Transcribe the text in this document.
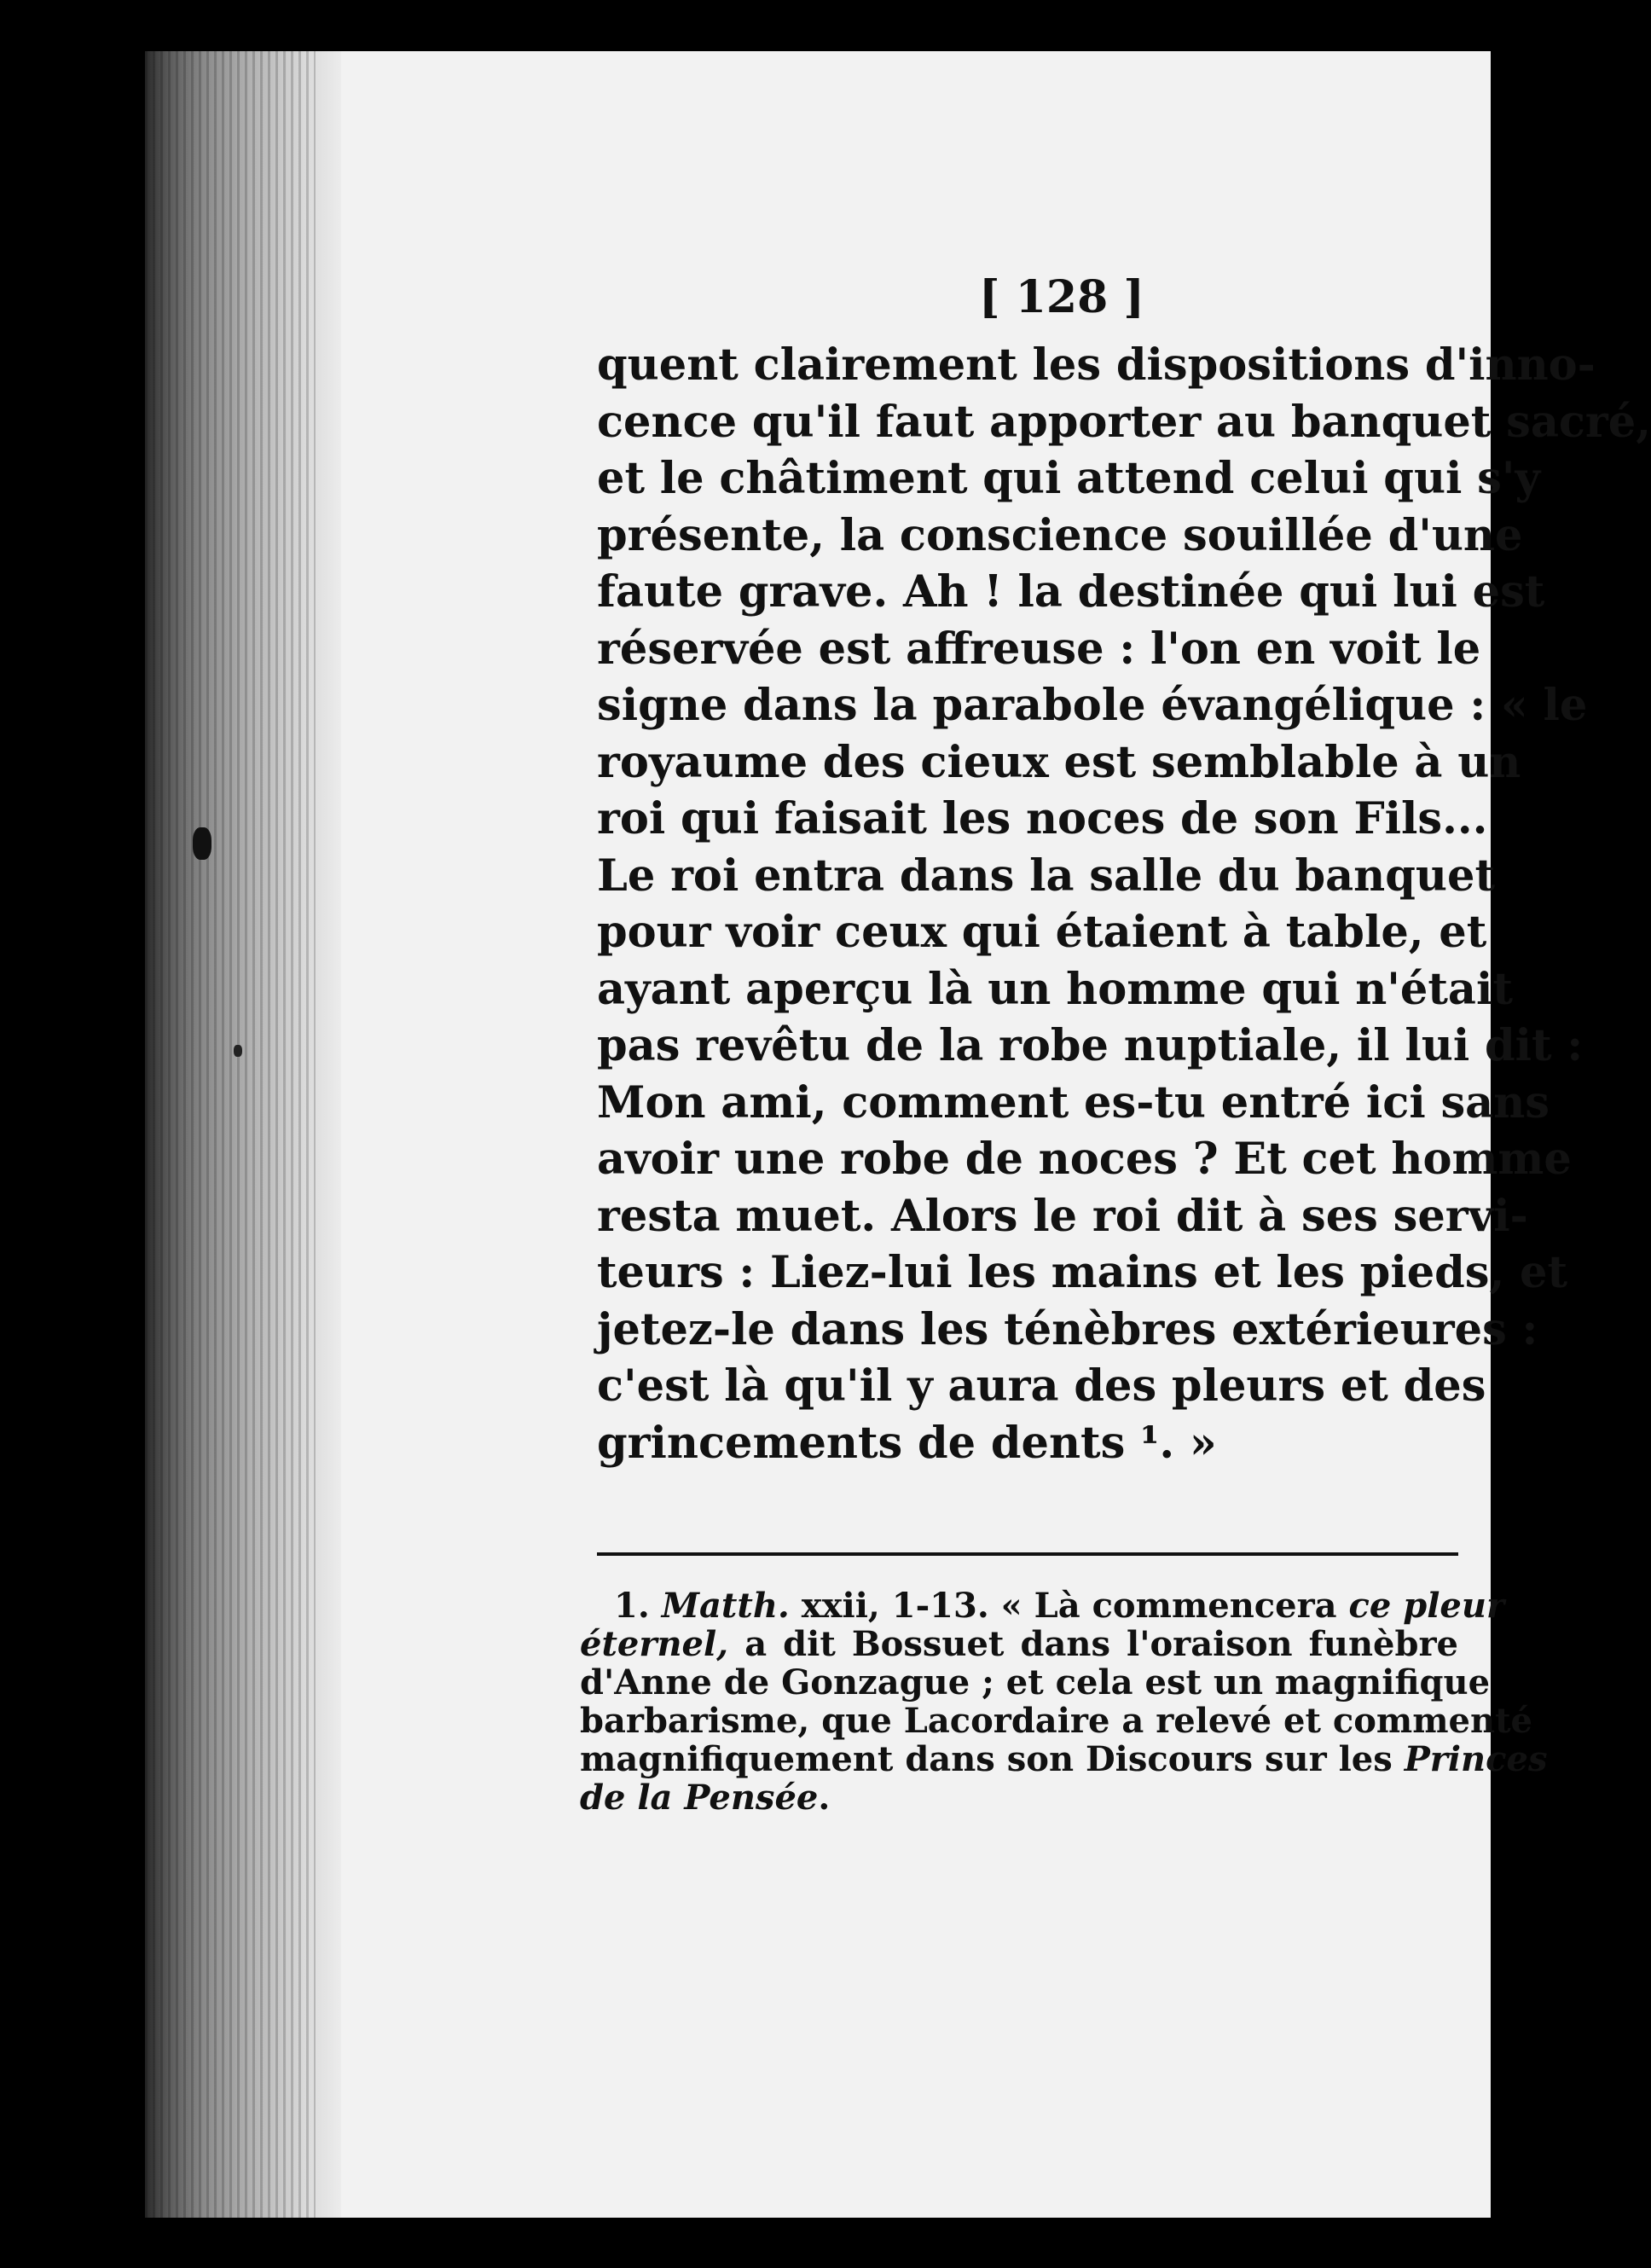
[ 128 ]
quent clairement les dispositions d'inno-
cence qu'il faut apporter au banquet sacré,
et le châtiment qui attend celui qui s'y
présente, la conscience souillée d'une
faute grave. Ah ! la destinée qui lui est
réservée est affreuse : l'on en voit le
signe dans la parabole évangélique : « le
royaume des cieux est semblable à un
roi qui faisait les noces de son Fils...
Le roi entra dans la salle du banquet
pour voir ceux qui étaient à table, et
ayant aperçu là un homme qui n'était
pas revêtu de la robe nuptiale, il lui dit :
Mon ami, comment es-tu entré ici sans
avoir une robe de noces ? Et cet homme
resta muet. Alors le roi dit à ses servi-
teurs : Liez-lui les mains et les pieds, et
jetez-le dans les ténèbres extérieures :
c'est là qu'il y aura des pleurs et des
grincements de dents ¹. »
1. Matth. xxii, 1-13. « Là commencera ce pleur
éternel, a dit Bossuet dans l'oraison funèbre
d'Anne de Gonzague ; et cela est un magnifique
barbarisme, que Lacordaire a relevé et commenté
magnifiquement dans son Discours sur les Princes
de la Pensée.
